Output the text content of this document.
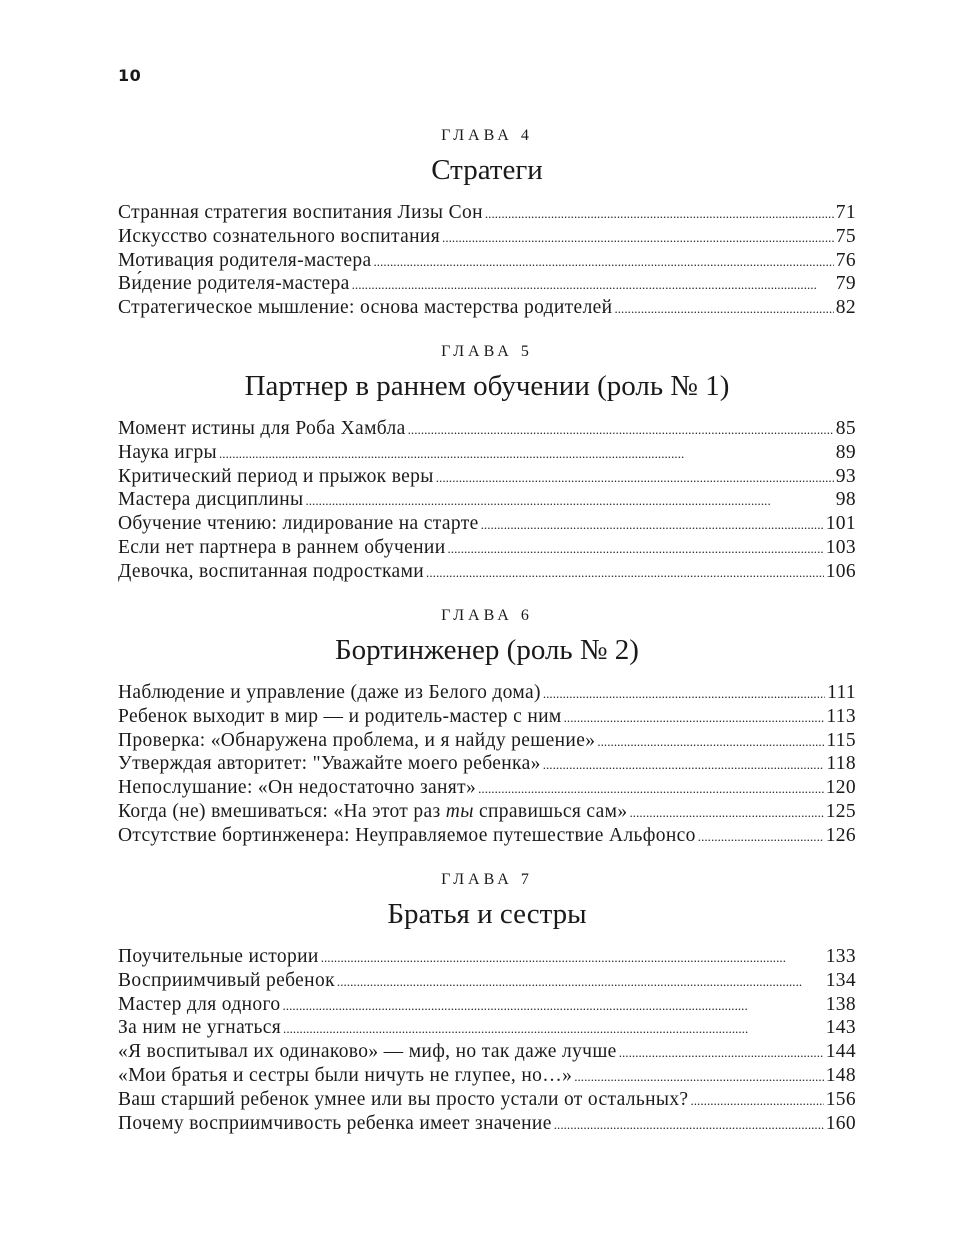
10
ГЛАВА 4
Стратеги
Странная стратегия воспитания Лизы Сон . . .	71
Искусство сознательного воспитания . . .	75
Мотивация родителя-мастера . . .	76
Ви́дение родителя-мастера . . .	79
Стратегическое мышление: основа мастерства родителей . . .	82
ГЛАВА 5
Партнер в раннем обучении (роль № 1)
Момент истины для Роба Хамбла . . .	85
Наука игры . . .	89
Критический период и прыжок веры . . .	93
Мастера дисциплины . . .	98
Обучение чтению: лидирование на старте . . .	101
Если нет партнера в раннем обучении . . .	103
Девочка, воспитанная подростками . . .	106
ГЛАВА 6
Бортинженер (роль № 2)
Наблюдение и управление (даже из Белого дома) . . .	111
Ребенок выходит в мир — и родитель-мастер с ним . . .	113
Проверка: «Обнаружена проблема, и я найду решение» . . .	115
Утверждая авторитет: "Уважайте моего ребенка» . . .	118
Непослушание: «Он недостаточно занят» . . .	120
Когда (не) вмешиваться: «На этот раз ты справишься сам» . . .	125
Отсутствие бортинженера: Неуправляемое путешествие Альфонсо . . .	126
ГЛАВА 7
Братья и сестры
Поучительные истории . . .	133
Восприимчивый ребенок . . .	134
Мастер для одного . . .	138
За ним не угнаться . . .	143
«Я воспитывал их одинаково» — миф, но так даже лучше . . .	144
«Мои братья и сестры были ничуть не глупее, но…» . . .	148
Ваш старший ребенок умнее или вы просто устали от остальных? . . .	156
Почему восприимчивость ребенка имеет значение . . .	160
